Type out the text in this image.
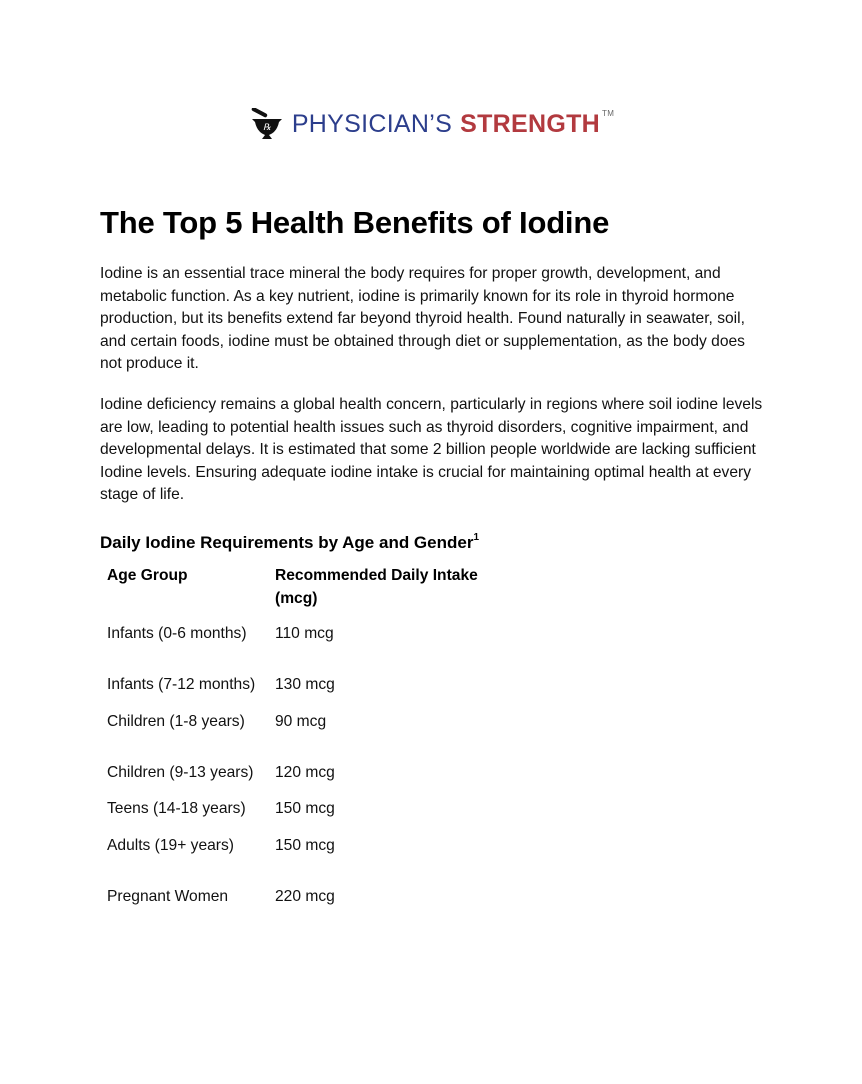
℞ PHYSICIAN’S STRENGTH ™
The Top 5 Health Benefits of Iodine

Iodine is an essential trace mineral the body requires for proper growth, development, and metabolic function. As a key nutrient, iodine is primarily known for its role in thyroid hormone production, but its benefits extend far beyond thyroid health. Found naturally in seawater, soil, and certain foods, iodine must be obtained through diet or supplementation, as the body does not produce it.

Iodine deficiency remains a global health concern, particularly in regions where soil iodine levels are low, leading to potential health issues such as thyroid disorders, cognitive impairment, and developmental delays. It is estimated that some 2 billion people worldwide are lacking sufficient Iodine levels. Ensuring adequate iodine intake is crucial for maintaining optimal health at every stage of life.

Daily Iodine Requirements by Age and Gender$^1$
Age Group	Recommended Daily Intake (mcg)
Infants (0-6 months)	110 mcg
Infants (7-12 months)	130 mcg
Children (1-8 years)	90 mcg
Children (9-13 years)	120 mcg
Teens (14-18 years)	150 mcg
Adults (19+ years)	150 mcg
Pregnant Women	220 mcg
